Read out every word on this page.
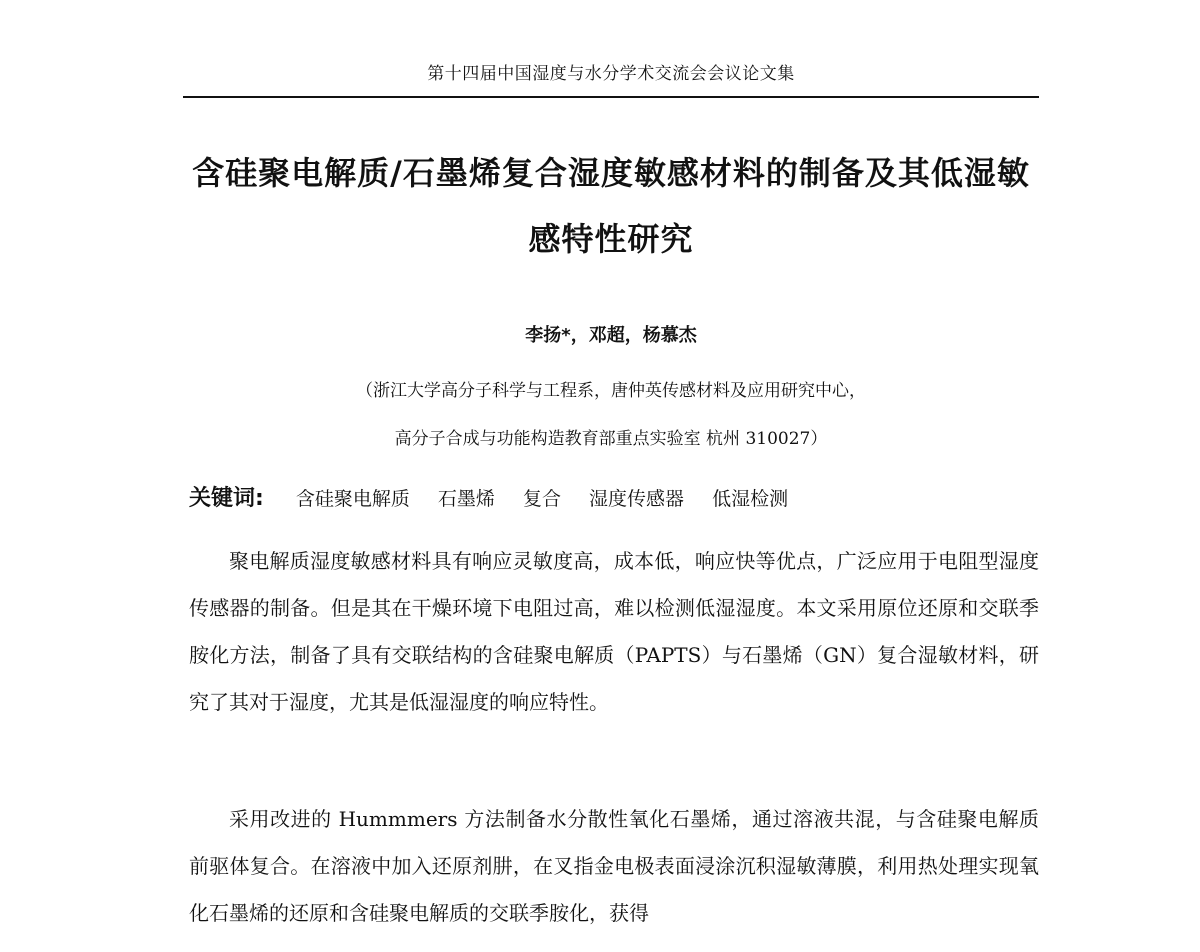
第十四届中国湿度与水分学术交流会会议论文集
含硅聚电解质/石墨烯复合湿度敏感材料的制备及其低湿敏
感特性研究
李扬*，邓超，杨慕杰
（浙江大学高分子科学与工程系，唐仲英传感材料及应用研究中心，
高分子合成与功能构造教育部重点实验室 杭州 310027）
关键词: 含硅聚电解质 石墨烯 复合 湿度传感器 低湿检测

聚电解质湿度敏感材料具有响应灵敏度高，成本低，响应快等优点，广泛应用于电阻型湿度传感器的制备。但是其在干燥环境下电阻过高，难以检测低湿湿度。本文采用原位还原和交联季胺化方法，制备了具有交联结构的含硅聚电解质（PAPTS）与石墨烯（GN）复合湿敏材料，研究了其对于湿度，尤其是低湿湿度的响应特性。

采用改进的 Hummmers 方法制备水分散性氧化石墨烯，通过溶液共混，与含硅聚电解质前驱体复合。在溶液中加入还原剂肼，在叉指金电极表面浸涂沉积湿敏薄膜，利用热处理实现氧化石墨烯的还原和含硅聚电解质的交联季胺化，获得
